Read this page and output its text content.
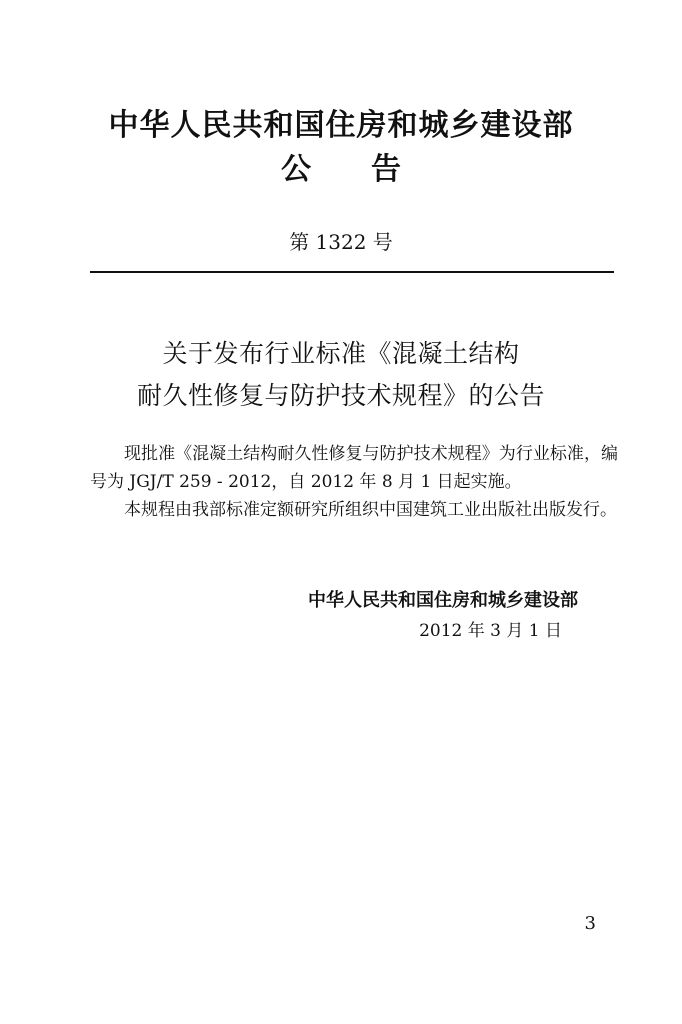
中华人民共和国住房和城乡建设部
公 告
第 1322 号
关于发布行业标准《混凝土结构
耐久性修复与防护技术规程》的公告

现批准《混凝土结构耐久性修复与防护技术规程》为行业标准，编号为 JGJ/T 259 - 2012，自 2012 年 8 月 1 日起实施。

本规程由我部标准定额研究所组织中国建筑工业出版社出版发行。

中华人民共和国住房和城乡建设部
2012 年 3 月 1 日
3
